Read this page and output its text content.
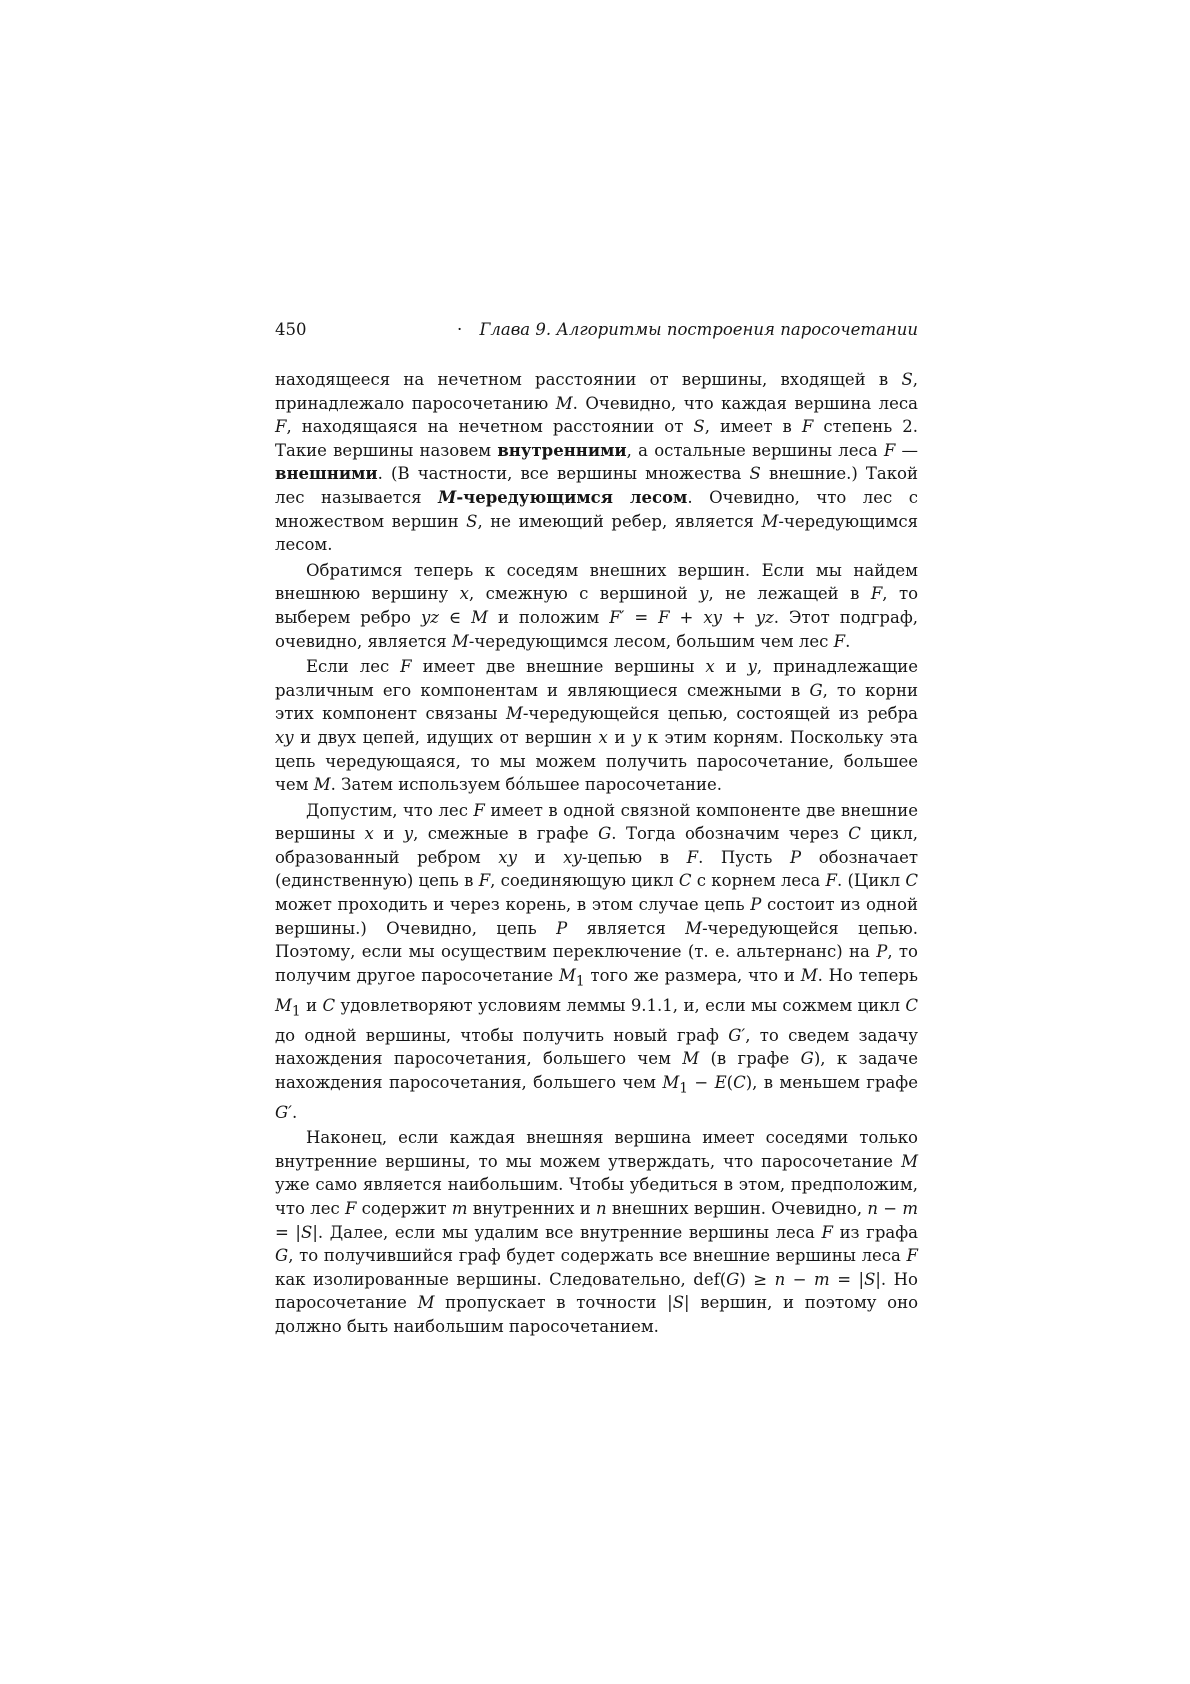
450	· Глава 9. Алгоритмы построения паросочетании

находящееся на нечетном расстоянии от вершины, входящей в S, принадлежало паросочетанию M. Очевидно, что каждая вершина леса F, находящаяся на нечетном расстоянии от S, имеет в F степень 2. Такие вершины назовем внутренними, а остальные вершины леса F — внешними. (В частности, все вершины множества S внешние.) Такой лес называется M-чередующимся лесом. Очевидно, что лес с множеством вершин S, не имеющий ребер, является M-чередующимся лесом.

Обратимся теперь к соседям внешних вершин. Если мы найдем внешнюю вершину x, смежную с вершиной y, не лежащей в F, то выберем ребро yz ∈ M и положим F′ = F + xy + yz. Этот подграф, очевидно, является M-чередующимся лесом, большим чем лес F.

Если лес F имеет две внешние вершины x и y, принадлежащие различным его компонентам и являющиеся смежными в G, то корни этих компонент связаны M-чередующейся цепью, состоящей из ребра xy и двух цепей, идущих от вершин x и y к этим корням. Поскольку эта цепь чередующаяся, то мы можем получить паросочетание, большее чем M. Затем используем бо́льшее паросочетание.

Допустим, что лес F имеет в одной связной компоненте две внешние вершины x и y, смежные в графе G. Тогда обозначим через C цикл, образованный ребром xy и xy-цепью в F. Пусть P обозначает (единственную) цепь в F, соединяющую цикл C с корнем леса F. (Цикл C может проходить и через корень, в этом случае цепь P состоит из одной вершины.) Очевидно, цепь P является M-чередующейся цепью. Поэтому, если мы осуществим переключение (т. е. альтернанс) на P, то получим другое паросочетание $M_1$ того же размера, что и M. Но теперь $M_1$ и C удовлетворяют условиям леммы 9.1.1, и, если мы сожмем цикл C до одной вершины, чтобы получить новый граф G′, то сведем задачу нахождения паросочетания, большего чем M (в графе G), к задаче нахождения паросочетания, большего чем $M_1 - E(C)$, в меньшем графе G′.

Наконец, если каждая внешняя вершина имеет соседями только внутренние вершины, то мы можем утверждать, что паросочетание M уже само является наибольшим. Чтобы убедиться в этом, предположим, что лес F содержит m внутренних и n внешних вершин. Очевидно, n − m = |S|. Далее, если мы удалим все внутренние вершины леса F из графа G, то получившийся граф будет содержать все внешние вершины леса F как изолированные вершины. Следовательно, def(G) ≥ n − m = |S|. Но паросочетание M пропускает в точности |S| вершин, и поэтому оно должно быть наибольшим паросочетанием.
